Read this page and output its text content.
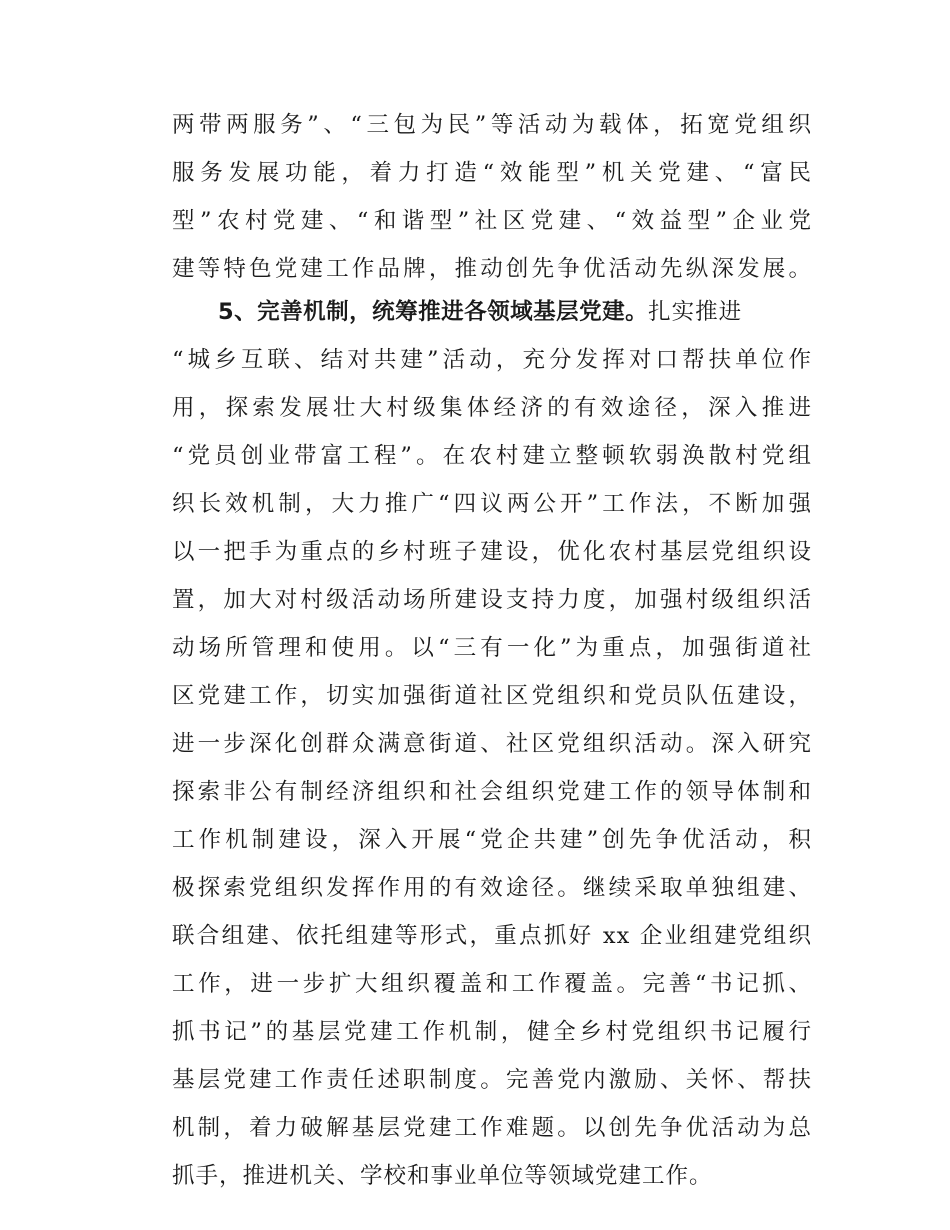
两带两服务”、“三包为民”等活动为载体，拓宽党组织
服务发展功能，着力打造“效能型”机关党建、“富民
型”农村党建、“和谐型”社区党建、“效益型”企业党
建等特色党建工作品牌，推动创先争优活动先纵深发展。
5、完善机制，统筹推进各领域基层党建。扎实推进
“城乡互联、结对共建”活动，充分发挥对口帮扶单位作
用，探索发展壮大村级集体经济的有效途径，深入推进
“党员创业带富工程”。在农村建立整顿软弱涣散村党组
织长效机制，大力推广“四议两公开”工作法，不断加强
以一把手为重点的乡村班子建设，优化农村基层党组织设
置，加大对村级活动场所建设支持力度，加强村级组织活
动场所管理和使用。以“三有一化”为重点，加强街道社
区党建工作，切实加强街道社区党组织和党员队伍建设，
进一步深化创群众满意街道、社区党组织活动。深入研究
探索非公有制经济组织和社会组织党建工作的领导体制和
工作机制建设，深入开展“党企共建”创先争优活动，积
极探索党组织发挥作用的有效途径。继续采取单独组建、
联合组建、依托组建等形式，重点抓好 xx 企业组建党组织
工作，进一步扩大组织覆盖和工作覆盖。完善“书记抓、
抓书记”的基层党建工作机制，健全乡村党组织书记履行
基层党建工作责任述职制度。完善党内激励、关怀、帮扶
机制，着力破解基层党建工作难题。以创先争优活动为总
抓手，推进机关、学校和事业单位等领域党建工作。
